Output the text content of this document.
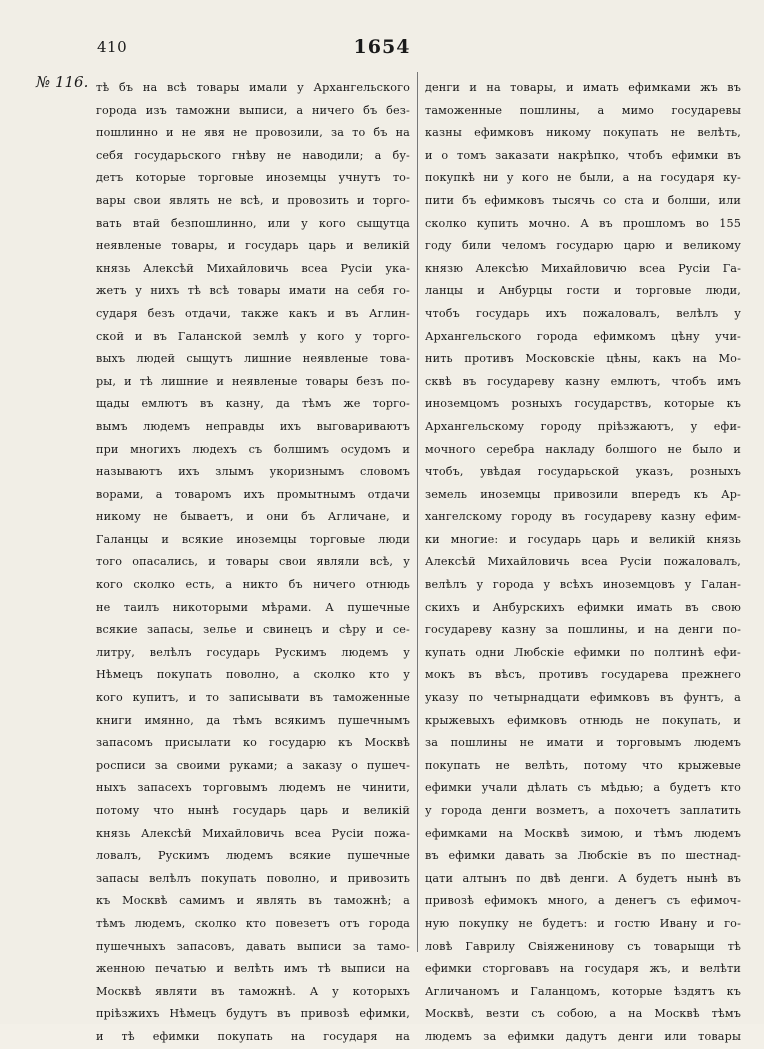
410	1654
№ 116. тѣ бъ на всѣ товары имали у Архангельского
города изъ таможни выписи, а ничего бъ без-
пошлинно и не явя не провозили, за то бъ на
себя государьского гнѣву не наводили; а бу-
детъ которые торговые иноземцы учнутъ то-
вары свои являть не всѣ, и провозить и торго-
вать втай безпошлинно, или у кого сыщутца
неявленые товары, и государь царь и великій
князь Алексѣй Михайловичь всеа Русіи ука-
жетъ у нихъ тѣ всѣ товары имати на себя го-
сударя безъ отдачи, также какъ и въ Аглин-
ской и въ Галанской землѣ у кого у торго-
выхъ людей сыщутъ лишние неявленые това-
ры, и тѣ лишние и неявленые товары безъ по-
щады емлютъ въ казну, да тѣмъ же торго-
вымъ людемъ неправды ихъ выговариваютъ
при многихъ людехъ съ болшимъ осудомъ и
называютъ ихъ злымъ укоризнымъ словомъ
ворами, а товаромъ ихъ промытнымъ отдачи
никому не бываетъ, и они бъ Агличане, и
Галанцы и всякие иноземцы торговые люди
того опасались, и товары свои являли всѣ, у
кого сколко есть, а никто бъ ничего отнюдь
не таилъ никоторыми мѣрами. А пушечные
всякие запасы, зелье и свинецъ и сѣру и се-
литру, велѣлъ государь Рускимъ людемъ у
Нѣмецъ покупать поволно, а сколко кто у
кого купитъ, и то записывати въ таможенные
книги имянно, да тѣмъ всякимъ пушечнымъ
запасомъ присылати ко государю къ Москвѣ
росписи за своими руками; а заказу о пушеч-
ныхъ запасехъ торговымъ людемъ не чинити,
потому что нынѣ государь царь и великій
князь Алексѣй Михайловичь всеа Русіи пожа-
ловалъ, Рускимъ людемъ всякие пушечные
запасы велѣлъ покупать поволно, и привозить
къ Москвѣ самимъ и являть въ таможнѣ; а
тѣмъ людемъ, сколко кто повезетъ отъ города
пушечныхъ запасовъ, давать выписи за тамо-
женною печатью и велѣть имъ тѣ выписи на
Москвѣ являти въ таможнѣ. А у которыхъ
пріѣзжихъ Нѣмецъ будутъ въ привозѣ ефимки,
и тѣ ефимки покупать на государя на
денги и на товары, и имать ефимками жъ въ
таможенные пошлины, а мимо государевы
казны ефимковъ никому покупать не велѣть,
и о томъ заказати накрѣпко, чтобъ ефимки въ
покупкѣ ни у кого не были, а на государя ку-
пити бъ ефимковъ тысячь со ста и болши, или
сколко купить мочно. А въ прошломъ во 155
году били челомъ государю царю и великому
князю Алексѣю Михайловичю всеа Русіи Га-
ланцы и Анбурцы гости и торговые люди,
чтобъ государь ихъ пожаловалъ, велѣлъ у
Архангельского города ефимкомъ цѣну учи-
нить противъ Московскіе цѣны, какъ на Мо-
сквѣ въ государеву казну емлютъ, чтобъ имъ
иноземцомъ розныхъ государствъ, которые къ
Архангельскому городу пріѣзжаютъ, у ефи-
мочного серебра накладу болшого не было и
чтобъ, увѣдая государьской указъ, розныхъ
земель иноземцы привозили впередъ къ Ар-
хангелскому городу въ государеву казну ефим-
ки многие: и государь царь и великій князь
Алексѣй Михайловичь всеа Русіи пожаловалъ,
велѣлъ у города у всѣхъ иноземцовъ у Галан-
скихъ и Анбурскихъ ефимки имать въ свою
государеву казну за пошлины, и на денги по-
купать одни Любскіе ефимки по полтинѣ ефи-
мокъ въ вѣсъ, противъ государева прежнего
указу по четырнадцати ефимковъ въ фунтъ, а
крыжевыхъ ефимковъ отнюдь не покупать, и
за пошлины не имати и торговымъ людемъ
покупать не велѣть, потому что крыжевые
ефимки учали дѣлать съ мѣдью; а будетъ кто
у города денги возметъ, а похочетъ заплатить
ефимками на Москвѣ зимою, и тѣмъ людемъ
въ ефимки давать за Любскіе въ по шестнад-
цати алтынъ по двѣ денги. А будетъ нынѣ въ
привозѣ ефимокъ много, а денегъ съ ефимоч-
ную покупку не будетъ: и гостю Ивану и го-
ловѣ Гаврилу Свіяженинову съ товарыщи тѣ
ефимки сторговавъ на государя жъ, и велѣти
Агличаномъ и Галанцомъ, которые ѣздятъ къ
Москвѣ, везти съ собою, а на Москвѣ тѣмъ
людемъ за ефимки дадутъ денги или товары
